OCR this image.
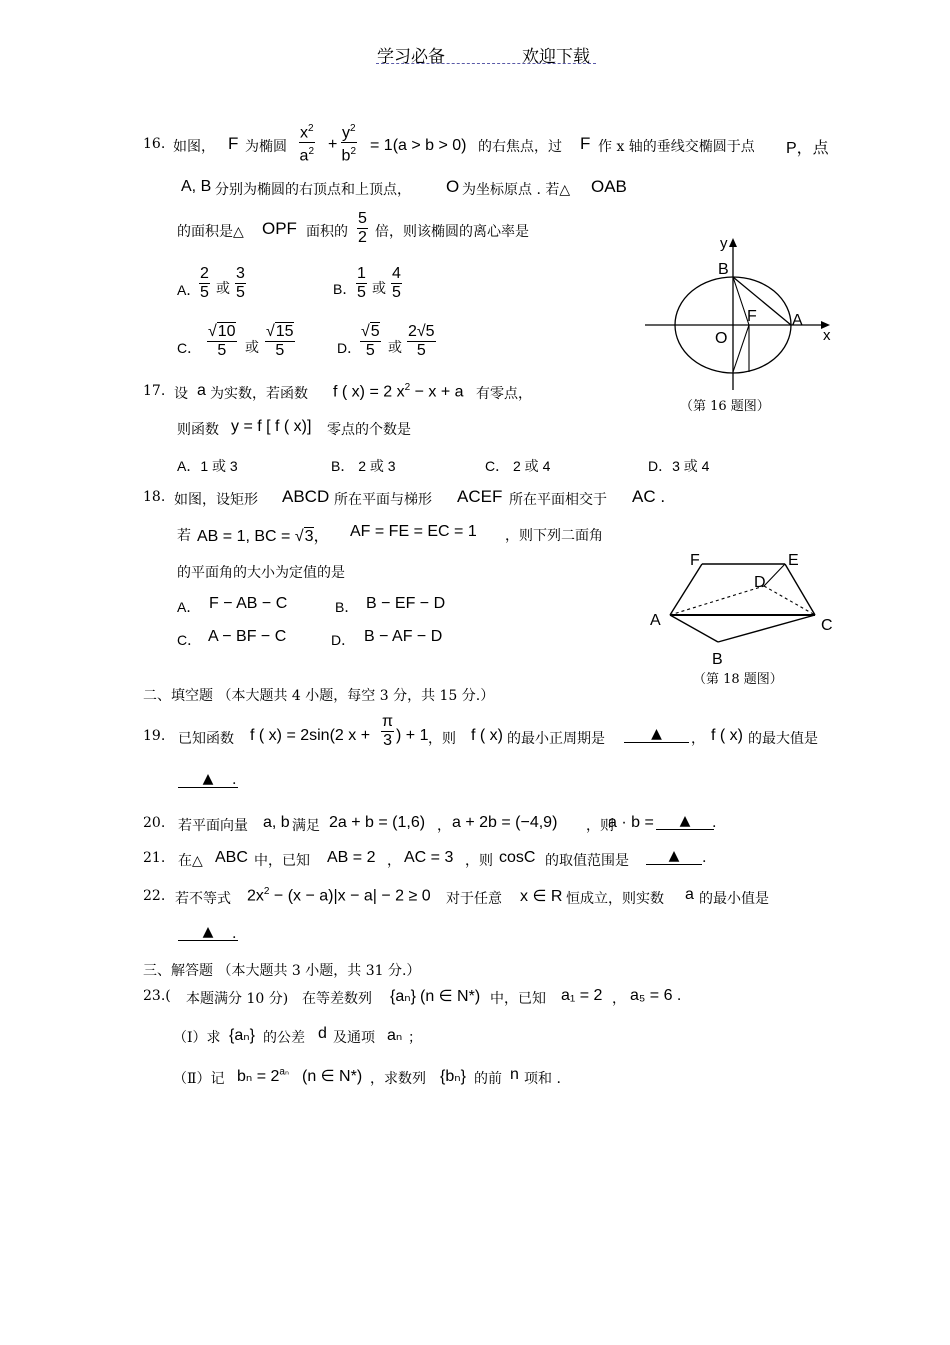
学习必备	欢迎下载
16. 如图， F 为椭圆 $\frac{x^2}{a^2} + \frac{y^2}{b^2} = 1(a > b > 0)$ 的右焦点，过 F 作 x 轴的垂线交椭圆于点 P，点
A, B 分别为椭圆的右顶点和上顶点， O 为坐标原点 . 若△ OAB
的面积是△ OPF 面积的 $\frac{5}{2}$ 倍，则该椭圆的离心率是
A．
$\frac{2}{5}$ 或 $\frac{3}{5}$	B． $\frac{1}{5}$ 或 $\frac{4}{5}$
C． $\frac{√10}{5}$ 或 $\frac{√15}{5}$	D．
$\frac{√5}{5}$ 或 $\frac{2√5}{5}$
y
B
F A
O	x
（第 16 题图）
17. 设 a 为实数，若函数 f ( x) = 2 $x^2 - x + a$ 有零点，
则函数 y = f [ f ( x)] 零点的个数是
A．1 或 3	B． 2 或 3	C． 2 或 4	D．3 或 4
18. 如图，设矩形 ABCD 所在平面与梯形 ACEF 所在平面相交于 AC .
若 AB = 1, BC = √3， AF = FE = EC = 1 ，则下列二面角
的平面角的大小为定值的是
A． F − AB − C	B． B − EF − D
C． A − BF − C	D． B − AF − D
F	E
D
A	C
B
（第 18 题图）
二、填空题 （本大题共 4 小题，每空 3 分，共 15 分.）
19. 已知函数 f ( x) = 2sin(2 $x + \frac{\pi}{3}$ ) + 1 ，则 f ( x) 的最小正周期是	▲	， f ( x) 的最大值是
▲	.
20. 若平面向量 a, b 满足 2a + b = (1,6) ， a + 2b = (−4,9) ，则
a · b =	▲	.
21. 在△ ABC 中，已知 AB = 2 ， AC = 3 ，则 cosC 的取值范围是	▲	.
22. 若不等式 $2x^2 - (x - a)|x - a| - 2 \ge 0$ 对于任意 x ∈ R 恒成立，则实数 a 的最小值是
▲	.
三、解答题 （本大题共 3 小题，共 31 分.）
23.( 本题满分 10 分) 在等差数列 {aₙ} (n ∈ N*) 中，已知 a₁ = 2 ， a₅ = 6 .
（Ⅰ）求 {aₙ} 的公差 d 及通项 aₙ ；
（Ⅱ）记 $b_n = 2^{a_n}$ (n ∈ N*) ，求数列 {bₙ} 的前 n 项和 .
